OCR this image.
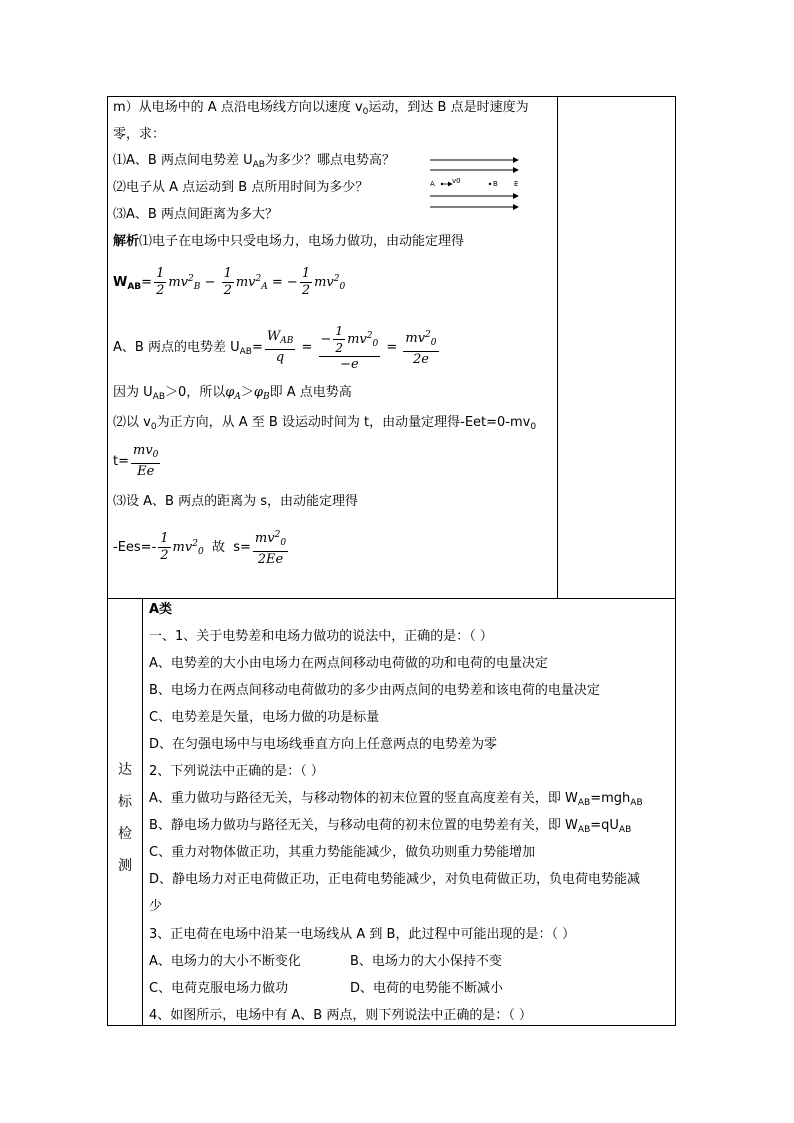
m）从电场中的 A 点沿电场线方向以速度 $v_0$运动，到达 B 点是时速度为
零，求：
⑴A、B 两点间电势差 $U_{AB}$为多少？哪点电势高？
⑵电子从 A 点运动到 B 点所用时间为多少？
⑶A、B 两点间距离为多大？
A v0	B E
解析⑴电子在电场中只受电场力，电场力做功，由动能定理得
$W_{AB}= \frac{1}{2} mv^2_B - \frac{1}{2} mv^2_A$ = − $\frac{1}{2} mv^2_0$
A、B 两点的电势差 $U_{AB}= \frac{W_{AB}}{q} = \frac{- \frac{1}{2} mv^2_0}{-e} = \frac{mv^2_0}{2e}$
因为 $U_{AB}>0$，所以$\varphi_A>\varphi_B$即 A 点电势高
⑵以 $v_0$为正方向，从 A 至 B 设运动时间为 t，由动量定理得$-Eet=0-mv_0$
$t= \frac{mv_0}{Ee}$
⑶设 A、B 两点的距离为 s，由动能定理得
$-Ees=- \frac{1}{2} mv^2_0$ 故 $s= \frac{mv^2_0}{2Ee}$
达
标
检
测
A类
一、1、关于电势差和电场力做功的说法中，正确的是：（ ）
A、电势差的大小由电场力在两点间移动电荷做的功和电荷的电量决定
B、电场力在两点间移动电荷做功的多少由两点间的电势差和该电荷的电量决定
C、电势差是矢量，电场力做的功是标量
D、在匀强电场中与电场线垂直方向上任意两点的电势差为零
2、下列说法中正确的是：（ ）
A、重力做功与路径无关，与移动物体的初末位置的竖直高度差有关，即 $W_{AB}=mgh_{AB}$
B、静电场力做功与路径无关，与移动电荷的初末位置的电势差有关，即 $W_{AB}=qU_{AB}$
C、重力对物体做正功，其重力势能能减少，做负功则重力势能增加
D、静电场力对正电荷做正功，正电荷电势能减少，对负电荷做正功，负电荷电势能减
少
3、正电荷在电场中沿某一电场线从 A 到 B，此过程中可能出现的是：（ ）
A、电场力的大小不断变化	B、电场力的大小保持不变
C、电荷克服电场力做功	D、电荷的电势能不断减小
4、如图所示，电场中有 A、B 两点，则下列说法中正确的是：（ ）
